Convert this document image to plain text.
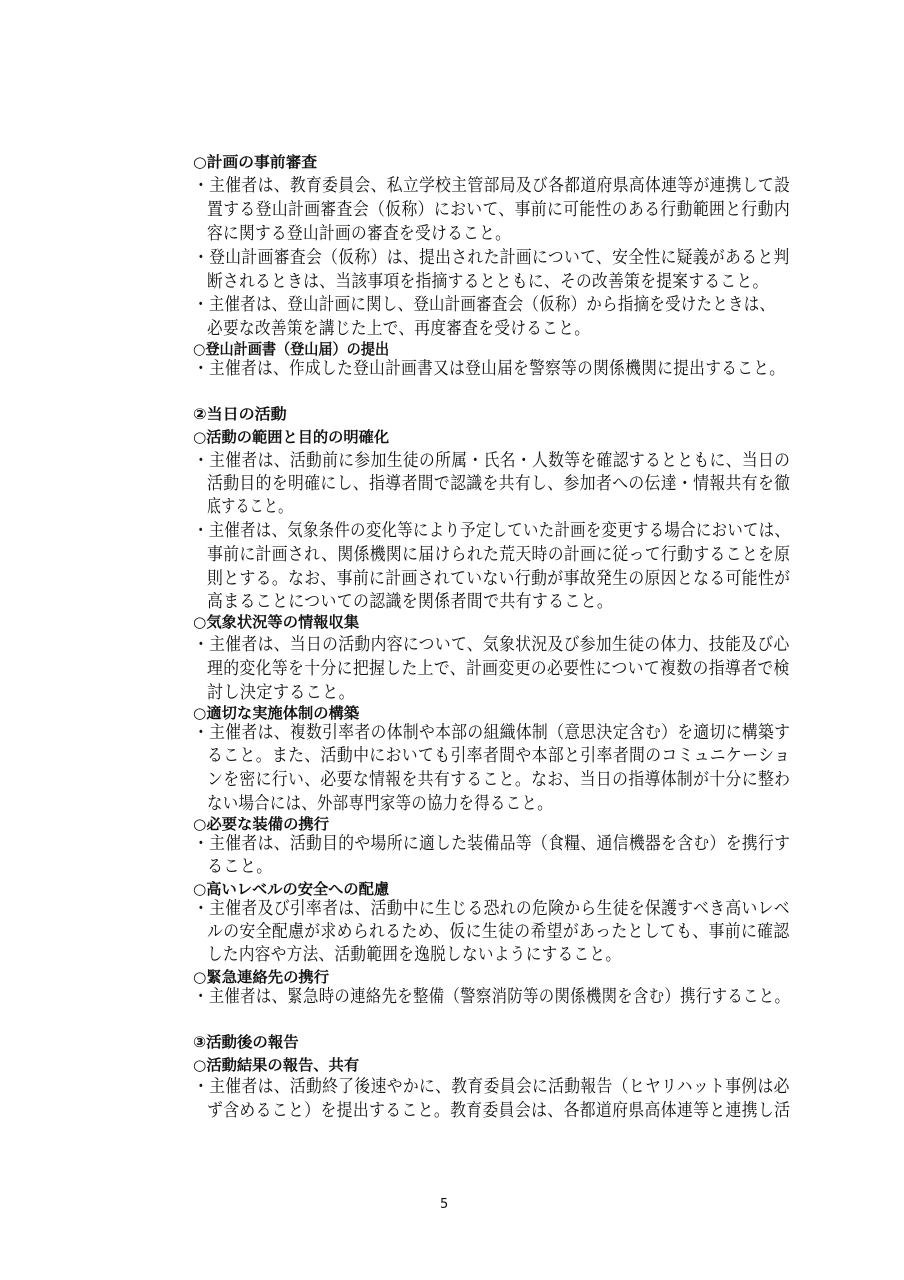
○計画の事前審査
・主催者は、教育委員会、私立学校主管部局及び各都道府県高体連等が連携して設
置する登山計画審査会（仮称）において、事前に可能性のある行動範囲と行動内
容に関する登山計画の審査を受けること。
・登山計画審査会（仮称）は、提出された計画について、安全性に疑義があると判
断されるときは、当該事項を指摘するとともに、その改善策を提案すること。
・主催者は、登山計画に関し、登山計画審査会（仮称）から指摘を受けたときは、
必要な改善策を講じた上で、再度審査を受けること。
○登山計画書（登山届）の提出
・主催者は、作成した登山計画書又は登山届を警察等の関係機関に提出すること。
②当日の活動
○活動の範囲と目的の明確化
・主催者は、活動前に参加生徒の所属・氏名・人数等を確認するとともに、当日の
活動目的を明確にし、指導者間で認識を共有し、参加者への伝達・情報共有を徹
底すること。
・主催者は、気象条件の変化等により予定していた計画を変更する場合においては、
事前に計画され、関係機関に届けられた荒天時の計画に従って行動することを原
則とする。なお、事前に計画されていない行動が事故発生の原因となる可能性が
高まることについての認識を関係者間で共有すること。
○気象状況等の情報収集
・主催者は、当日の活動内容について、気象状況及び参加生徒の体力、技能及び心
理的変化等を十分に把握した上で、計画変更の必要性について複数の指導者で検
討し決定すること。
○適切な実施体制の構築
・主催者は、複数引率者の体制や本部の組織体制（意思決定含む）を適切に構築す
ること。また、活動中においても引率者間や本部と引率者間のコミュニケーショ
ンを密に行い、必要な情報を共有すること。なお、当日の指導体制が十分に整わ
ない場合には、外部専門家等の協力を得ること。
○必要な装備の携行
・主催者は、活動目的や場所に適した装備品等（食糧、通信機器を含む）を携行す
ること。
○高いレベルの安全への配慮
・主催者及び引率者は、活動中に生じる恐れの危険から生徒を保護すべき高いレベ
ルの安全配慮が求められるため、仮に生徒の希望があったとしても、事前に確認
した内容や方法、活動範囲を逸脱しないようにすること。
○緊急連絡先の携行
・主催者は、緊急時の連絡先を整備（警察消防等の関係機関を含む）携行すること。
③活動後の報告
○活動結果の報告、共有
・主催者は、活動終了後速やかに、教育委員会に活動報告（ヒヤリハット事例は必
ず含めること）を提出すること。教育委員会は、各都道府県高体連等と連携し活
5
